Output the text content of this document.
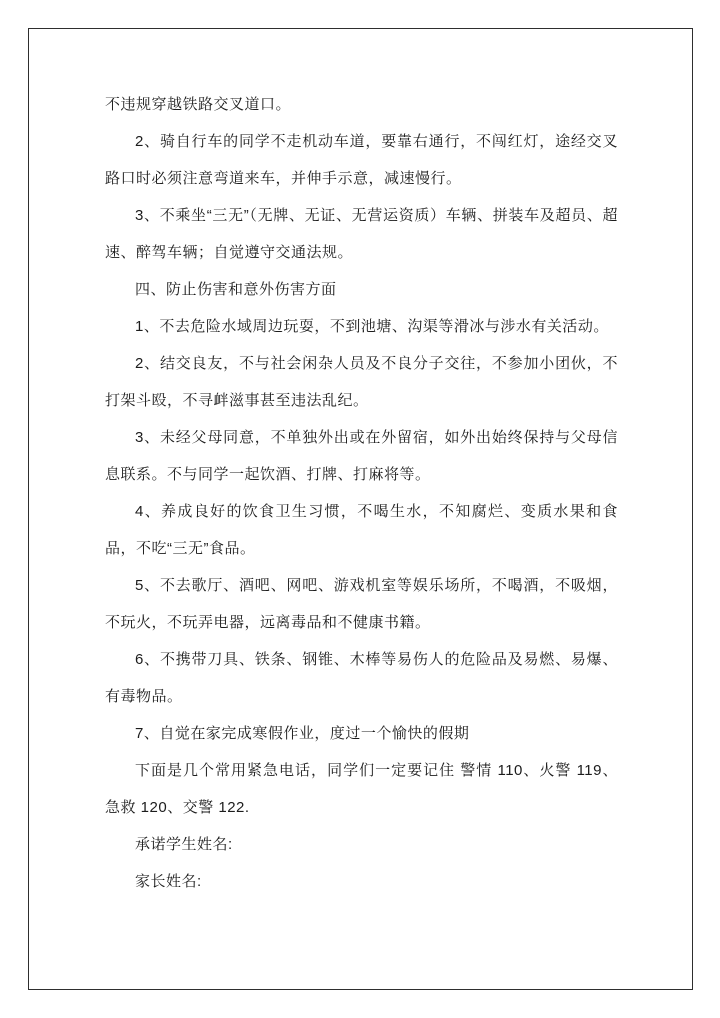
不违规穿越铁路交叉道口。

2、骑自行车的同学不走机动车道，要靠右通行，不闯红灯，途经交叉路口时必须注意弯道来车，并伸手示意，减速慢行。

3、不乘坐“三无”（无牌、无证、无营运资质）车辆、拼装车及超员、超速、醉驾车辆；自觉遵守交通法规。

四、防止伤害和意外伤害方面

1、不去危险水域周边玩耍，不到池塘、沟渠等滑冰与涉水有关活动。

2、结交良友，不与社会闲杂人员及不良分子交往，不参加小团伙，不打架斗殴，不寻衅滋事甚至违法乱纪。

3、未经父母同意，不单独外出或在外留宿，如外出始终保持与父母信息联系。不与同学一起饮酒、打牌、打麻将等。

4、养成良好的饮食卫生习惯，不喝生水，不知腐烂、变质水果和食品，不吃“三无”食品。

5、不去歌厅、酒吧、网吧、游戏机室等娱乐场所，不喝酒，不吸烟，不玩火，不玩弄电器，远离毒品和不健康书籍。

6、不携带刀具、铁条、钢锥、木棒等易伤人的危险品及易燃、易爆、有毒物品。

7、自觉在家完成寒假作业，度过一个愉快的假期

下面是几个常用紧急电话，同学们一定要记住 警情 110、火警 119、急救 120、交警 122.

承诺学生姓名:

家长姓名:
